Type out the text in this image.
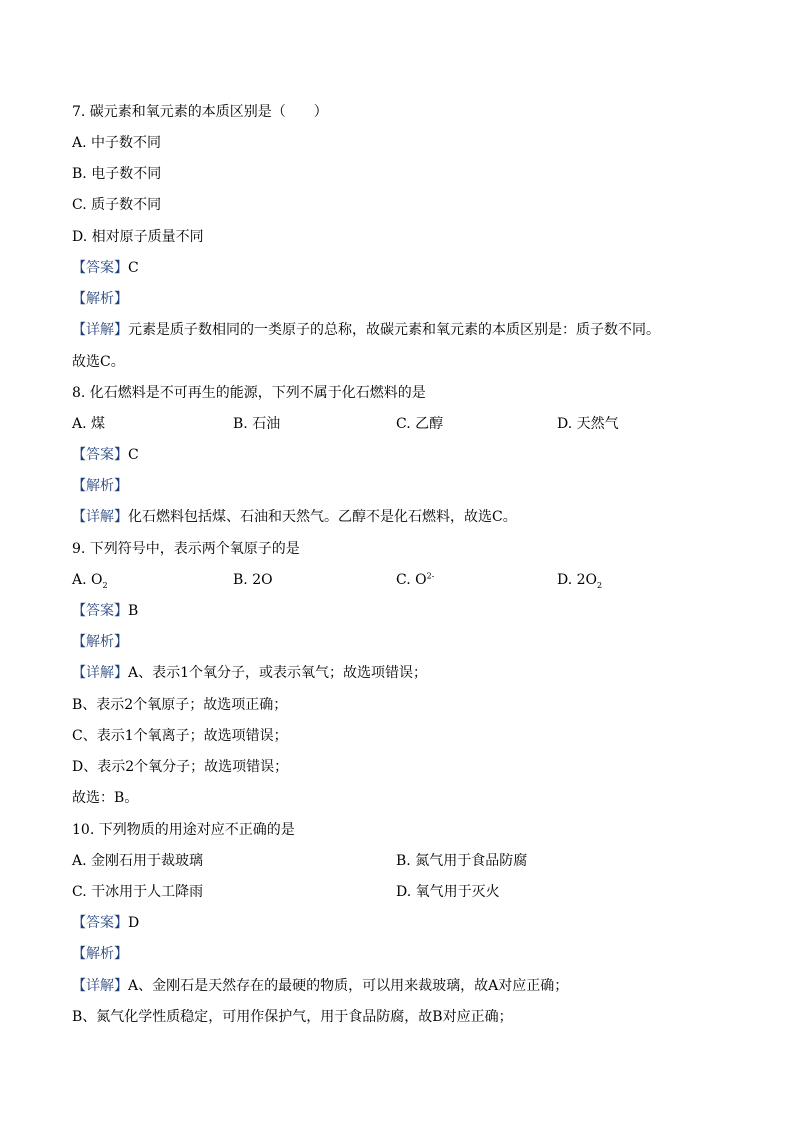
7. 碳元素和氧元素的本质区别是（　　）
A. 中子数不同
B. 电子数不同
C. 质子数不同
D. 相对原子质量不同
【答案】C
【解析】
【详解】元素是质子数相同的一类原子的总称，故碳元素和氧元素的本质区别是：质子数不同。
故选C。
8. 化石燃料是不可再生的能源，下列不属于化石燃料的是
A. 煤	B. 石油	C. 乙醇	D. 天然气
【答案】C
【解析】
【详解】化石燃料包括煤、石油和天然气。乙醇不是化石燃料，故选C。
9. 下列符号中，表示两个氧原子的是
A. $O_2$	B. 2O	C. $O^{2-}$	D. $2O_2$
【答案】B
【解析】
【详解】A、表示1个氧分子，或表示氧气；故选项错误；
B、表示2个氧原子；故选项正确；
C、表示1个氧离子；故选项错误；
D、表示2个氧分子；故选项错误；
故选：B。
10. 下列物质的用途对应不正确的是
A. 金刚石用于裁玻璃	B. 氮气用于食品防腐
C. 干冰用于人工降雨	D. 氧气用于灭火
【答案】D
【解析】
【详解】A、金刚石是天然存在的最硬的物质，可以用来裁玻璃，故A对应正确；
B、氮气化学性质稳定，可用作保护气，用于食品防腐，故B对应正确；
